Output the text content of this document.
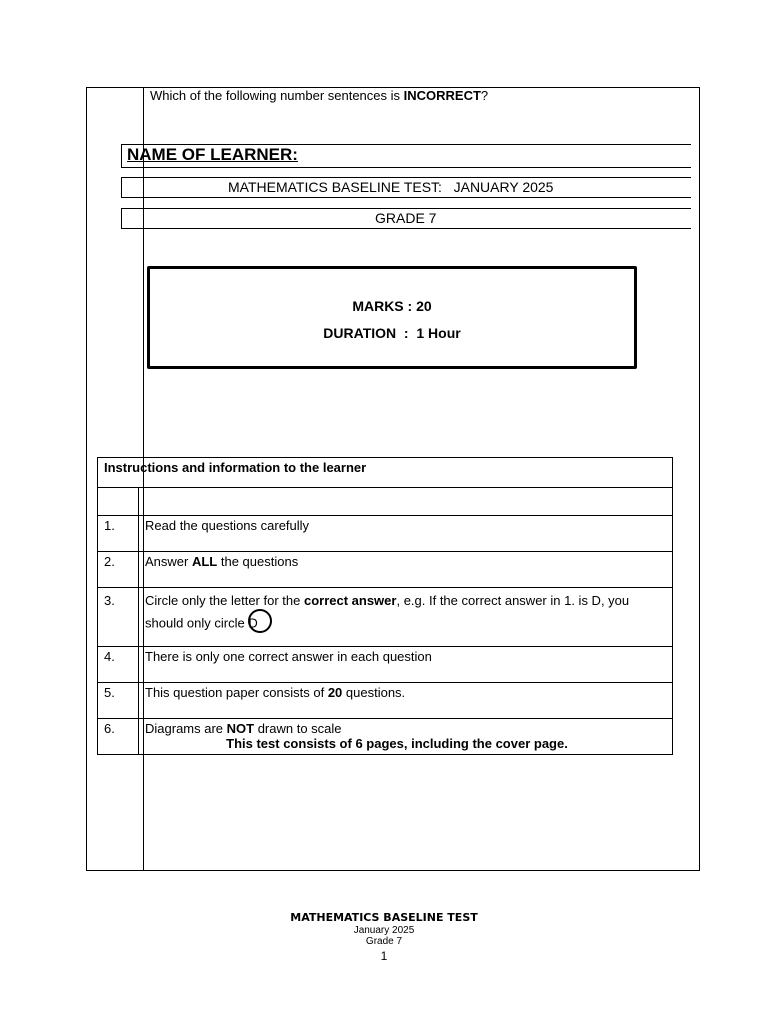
Which of the following number sentences is INCORRECT?
NAME OF LEARNER:
MATHEMATICS BASELINE TEST:   JANUARY 2025
GRADE 7
MARKS : 20
DURATION  :  1 Hour
Instructions and information to the learner	

1.	Read the questions carefully
2.	Answer ALL the questions
3.	Circle only the letter for the correct answer, e.g. If the correct answer in 1. is D, you should only circle D
4.	There is only one correct answer in each question
5.	This question paper consists of 20 questions.
6.	Diagrams are NOT drawn to scale
This test consists of 6 pages, including the cover page.
MATHEMATICS BASELINE TEST
January 2025
Grade 7
1
